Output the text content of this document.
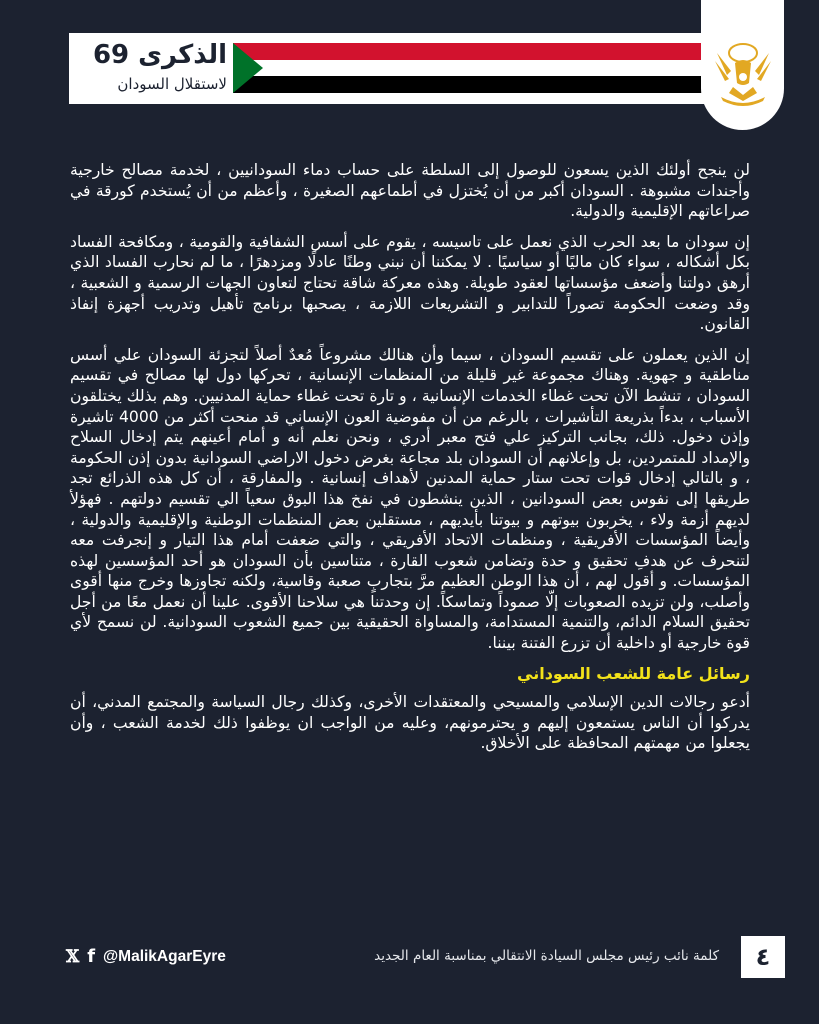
الذكرى 69
لاستقلال السودان

لن ينجح أولئك الذين يسعون للوصول إلى السلطة على حساب دماء السودانيين ، لخدمة مصالح خارجية وأجندات مشبوهة . السودان أكبر من أن يُختزل في أطماعهم الصغيرة ، وأعظم من أن يُستخدم كورقة في صراعاتهم الإقليمية والدولية.

إن سودان ما بعد الحرب الذي نعمل على تاسيسه ، يقوم على أسس الشفافية والقومية ، ومكافحة الفساد بكل أشكاله ، سواء كان ماليًا أو سياسيًا . لا يمكننا أن نبني وطنًا عادلًا ومزدهرًا ، ما لم نحارب الفساد الذي أرهق دولتنا وأضعف مؤسساتها لعقود طويلة. وهذه معركة شاقة تحتاج لتعاون الجهات الرسمية و الشعبية ، وقد وضعت الحكومة تصوراً للتدابير و التشريعات اللازمة ، يصحبها برنامج تأهيل وتدريب أجهزة إنفاذ القانون.

إن الذين يعملون على تقسيم السودان ، سيما وأن هنالك مشروعاً مُعدٌ أصلاً لتجزئة السودان علي أسس مناطقية و جهوية. وهناك مجموعة غير قليلة من المنظمات الإنسانية ، تحركها دول لها مصالح في تقسيم السودان ، تنشط الآن تحت غطاء الخدمات الإنسانية ، و تارة تحت غطاء حماية المدنيين. وهم بذلك يختلقون الأسباب ، بدءاً بذريعة التأشيرات ، بالرغم من أن مفوضية العون الإنساني قد منحت أكثر من 4000 تاشيرة وإذن دخول. ذلك، بجانب التركيز علي فتح معبر أدري ، ونحن نعلم أنه و أمام أعينهم يتم إدخال السلاح والإمداد للمتمردين، بل وإعلانهم أن السودان بلد مجاعة بغرض دخول الاراضي السودانية بدون إذن الحكومة ، و بالتالي إدخال قوات تحت ستار حماية المدنين لأهداف إنسانية . والمفارقة ، أن كل هذه الذرائع تجد طريقها إلى نفوس بعض السودانين ، الذين ينشطون في نفخ هذا البوق سعياً الي تقسيم دولتهم . فهؤلأ لديهم أزمة ولاء ، يخربون بيوتهم و بيوتنا بأيديهم ، مستقلين بعض المنظمات الوطنية والإقليمية والدولية ، وأيضاً المؤسسات الأفريقية ، ومنظمات الاتحاد الأفريقي ، والتي ضعفت أمام هذا التيار و إنجرفت معه لتنحرف عن هدفِ تحقيق و حدة وتضامن شعوب القارة ، متناسين بأن السودان هو أحد المؤسسين لهذه المؤسسات. و أقول لهم ، أن هذا الوطن العظيم مرَّ بتجاربٍ صعبة وقاسية، ولكنه تجاوزها وخرج منها أقوى وأصلب، ولن تزيده الصعوبات إلّا صموداً وتماسكاً. إن وحدتنا هي سلاحنا الأقوى. علينا أن نعمل معًا من أجل تحقيق السلام الدائم، والتنمية المستدامة، والمساواة الحقيقية بين جميع الشعوب السودانية. لن نسمح لأي قوة خارجية أو داخلية أن تزرع الفتنة بيننا.

رسائل عامة للشعب السوداني

أدعو رجالات الدين الإسلامي والمسيحي والمعتقدات الأخرى، وكذلك رجال السياسة والمجتمع المدني، أن يدركوا أن الناس يستمعون إليهم و يحترمونهم، وعليه من الواجب ان يوظفوا ذلك لخدمة الشعب ، وأن يجعلوا من مهمتهم المحافظة على الأخلاق.

٤
كلمة نائب رئيس مجلس السيادة الانتقالي بمناسبة العام الجديد
𝕏 f @MalikAgarEyre
